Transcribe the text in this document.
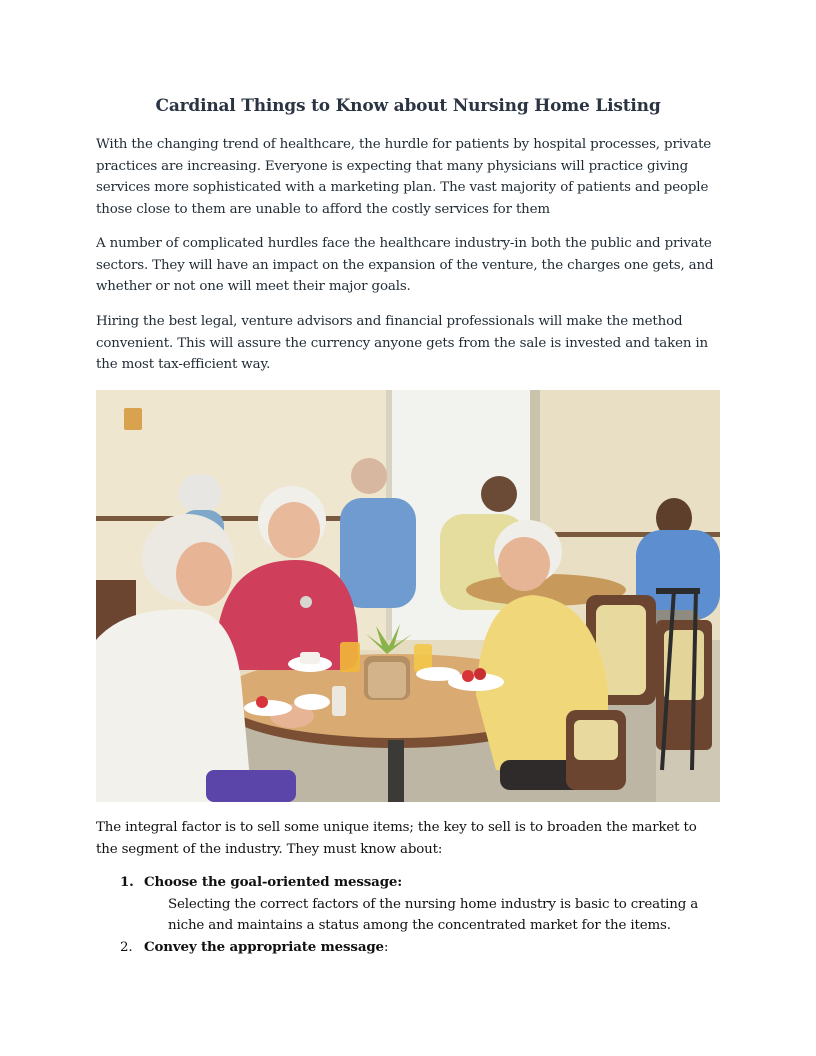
Cardinal Things to Know about Nursing Home Listing

With the changing trend of healthcare, the hurdle for patients by hospital processes, private practices are increasing. Everyone is expecting that many physicians will practice giving services more sophisticated with a marketing plan. The vast majority of patients and people those close to them are unable to afford the costly services for them

A number of complicated hurdles face the healthcare industry-in both the public and private sectors. They will have an impact on the expansion of the venture, the charges one gets, and whether or not one will meet their major goals.

Hiring the best legal, venture advisors and financial professionals will make the method convenient. This will assure the currency anyone gets from the sale is invested and taken in the most tax-efficient way.

The integral factor is to sell some unique items; the key to sell is to broaden the market to the segment of the industry. They must know about:

1. Choose the goal-oriented message:
Selecting the correct factors of the nursing home industry is basic to creating a niche and maintains a status among the concentrated market for the items.
2. Convey the appropriate message:
